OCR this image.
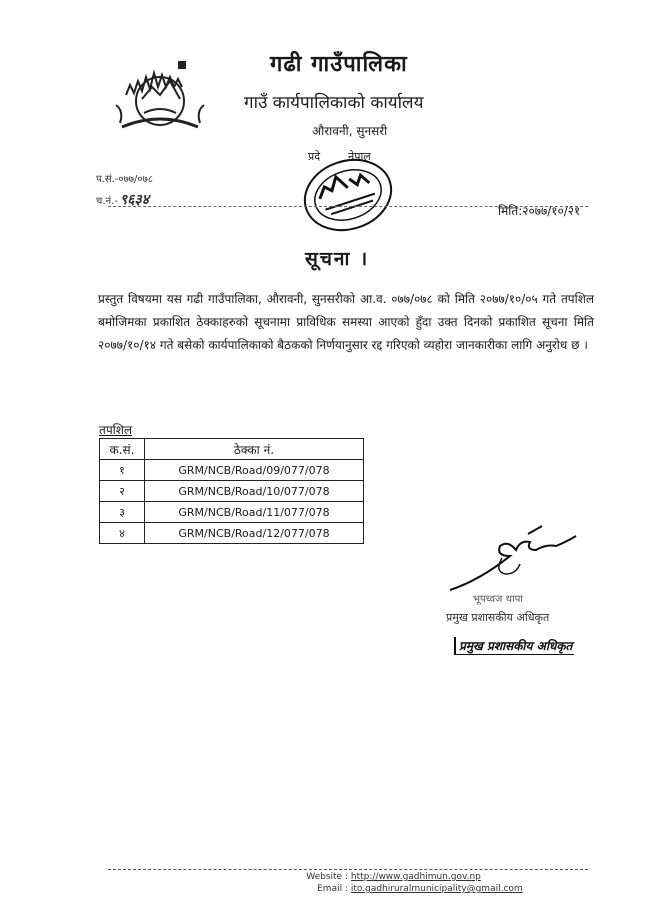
गढी गाउँपालिका
गाउँ कार्यपालिकाको कार्यालय
औरावनी, सुनसरी
प्रदे	नेपाल
प.सं.-०७७/०७८
च.नं.- ९६३४
मिति:२०७७/१०/२१
सूचना ।

प्रस्तुत विषयमा यस गढी गाउँपालिका, औरावनी, सुनसरीको आ.व. ०७७/०७८ को मिति २०७७/१०/०५ गते तपशिल बमोजिमका प्रकाशित ठेक्काहरुको सूचनामा प्राविधिक समस्या आएको हुँदा उक्त दिनको प्रकाशित सूचना मिति २०७७/१०/१४ गते बसेको कार्यपालिकाको बैठकको निर्णयानुसार रद्द गरिएको व्यहोरा जानकारीका लागि अनुरोध छ ।

तपशिल
क.सं.	ठेक्का नं.
१	GRM/NCB/Road/09/077/078
२	GRM/NCB/Road/10/077/078
३	GRM/NCB/Road/11/077/078
४	GRM/NCB/Road/12/077/078
भूपध्वज थापा
प्रमुख प्रशासकीय अधिकृत
प्रमुख प्रशासकीय अधिकृत
Website : http://www.gadhimun.gov.np
Email : ito.gadhiruralmunicipality@gmail.com
